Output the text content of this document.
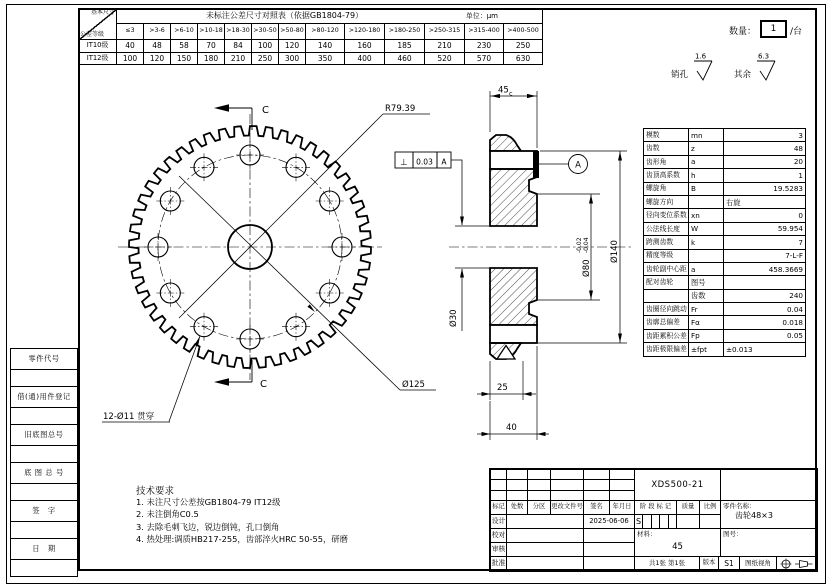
R79.39
Ø125
12-Ø11 贯穿
C
C
A
⊥ 0.03 A
45 c
Ø30
Ø80
-0.02 -0.04 Ø140
25
40
销孔
1.6
其余
6.3
基本尺寸
公差等级	未标注公差尺寸对照表（依据GB1804-79） 单位：μm												

	≤3	>3-6	>6-10	>10-18	>18-30	>30-50	>50-80	>80-120	>120-180	>180-250	>250-315	>315-400	>400-500
IT10级	40	48	58	70	84	100	120	140	160	185	210	230	250
IT12级	100	120	150	180	210	250	300	350	400	460	520	570	630
数量： 1 /台
模数	mn	3
齿数	z	48
齿形角	a	20
齿顶高系数	h	1
螺旋角	B	19.5283
螺旋方向		右旋
径向变位系数	xn	0
公法线长度	W	59.954
跨测齿数	k	7
精度等级		7-L-F
齿轮副中心距	a	458.3669
配对齿轮	图号	
	齿数	240
齿圈径向跳动	Fr	0.04
齿廓总偏差	Fα	0.018
齿距累积公差	Fp	0.05
齿距极限偏差	±fpt	±0.013
技术要求
1. 未注尺寸公差按GB1804-79 IT12级
2. 未注倒角C0.5
3. 去除毛刺飞边，锐边倒钝，孔口倒角
4. 热处理:调质HB217-255，齿部淬火HRC 50-55，研磨
零件代号
借(通)用件登记
旧底图总号
底 图 总 号
签　字
日　期
标记 处数	分区 更改文件号	签名	年月日
设计	2025-06-06
校对
审核
批准
S
XDS500-21
阶 段 标 记	质量	比例	零件名称：
齿轮48×3
材料：
45
图号：
共1张 第1张	版本	S1	图纸视角
